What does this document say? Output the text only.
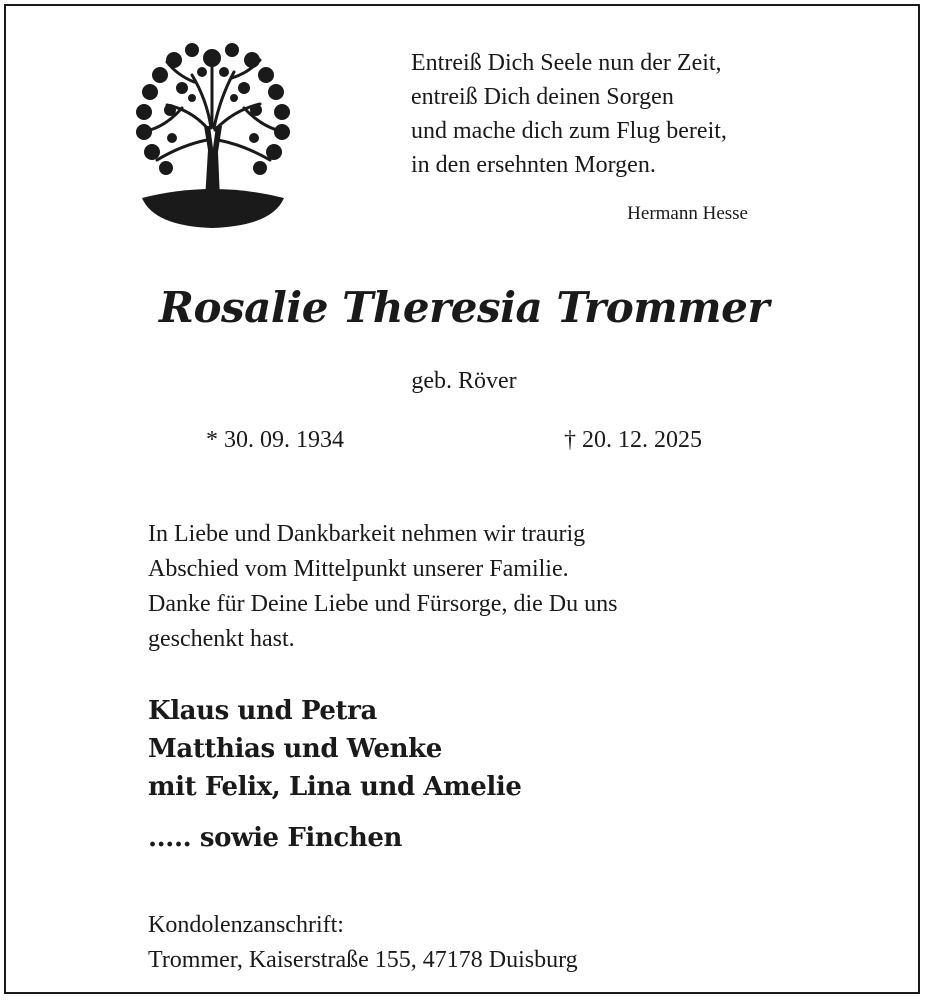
Entreiß Dich Seele nun der Zeit,
entreiß Dich deinen Sorgen
und mache dich zum Flug bereit,
in den ersehnten Morgen.
Hermann Hesse
Rosalie Theresia Trommer
geb. Röver
* 30. 09. 1934	† 20. 12. 2025
In Liebe und Dankbarkeit nehmen wir traurig
Abschied vom Mittelpunkt unserer Familie.
Danke für Deine Liebe und Fürsorge, die Du uns
geschenkt hast.
Klaus und Petra
Matthias und Wenke
mit Felix, Lina und Amelie
..... sowie Finchen
Kondolenzanschrift:
Trommer, Kaiserstraße 155, 47178 Duisburg
